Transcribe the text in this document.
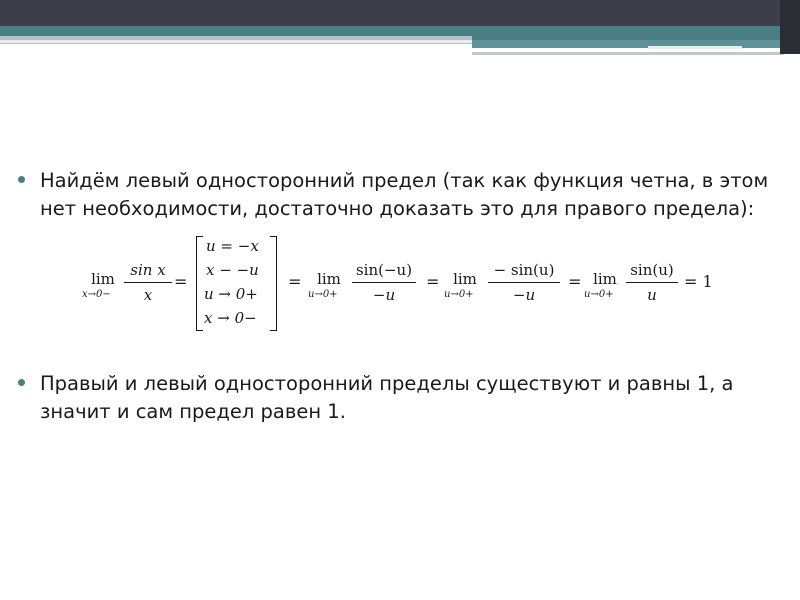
Найдём левый односторонний предел (так как функция четна, в этом нет необходимости, достаточно доказать это для правого предела):
lim
x→0−
sin x
x
=
u = −x
x − −u
u → 0+
x → 0−
= lim
u→0+
sin(−u)
−u
= lim
u→0+
− sin(u)
−u
= lim
u→0+
sin(u)
u
= 1
Правый и левый односторонний пределы существуют и равны 1, а значит и сам предел равен 1.
